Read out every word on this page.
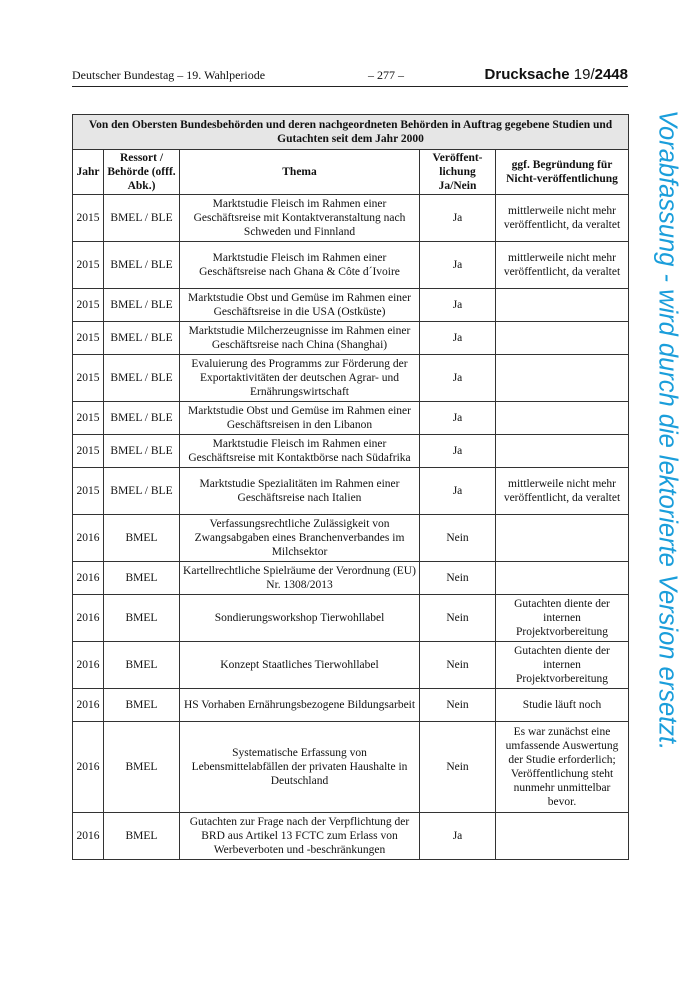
Deutscher Bundestag – 19. Wahlperiode	– 277 –	Drucksache 19/2448
Von den Obersten Bundesbehörden und deren nachgeordneten Behörden in Auftrag gegebene Studien und Gutachten seit dem Jahr 2000				
Jahr	Ressort / Behörde (offf. Abk.)	Thema	Veröffent-lichung Ja/Nein	ggf. Begründung für Nicht-veröffentlichung
2015	BMEL / BLE	Marktstudie Fleisch im Rahmen einer Geschäftsreise mit Kontaktveranstaltung nach Schweden und Finnland	Ja	mittlerweile nicht mehr veröffentlicht, da veraltet
2015	BMEL / BLE	Marktstudie Fleisch im Rahmen einer Geschäftsreise nach Ghana & Côte d´Ivoire	Ja	mittlerweile nicht mehr veröffentlicht, da veraltet
2015	BMEL / BLE	Marktstudie Obst und Gemüse im Rahmen einer Geschäftsreise in die USA (Ostküste)	Ja	
2015	BMEL / BLE	Marktstudie Milcherzeugnisse im Rahmen einer Geschäftsreise nach China (Shanghai)	Ja	
2015	BMEL / BLE	Evaluierung des Programms zur Förderung der Exportaktivitäten der deutschen Agrar- und Ernährungswirtschaft	Ja	
2015	BMEL / BLE	Marktstudie Obst und Gemüse im Rahmen einer Geschäftsreisen in den Libanon	Ja	
2015	BMEL / BLE	Marktstudie Fleisch im Rahmen einer Geschäftsreise mit Kontaktbörse nach Südafrika	Ja	
2015	BMEL / BLE	Marktstudie Spezialitäten im Rahmen einer Geschäftsreise nach Italien	Ja	mittlerweile nicht mehr veröffentlicht, da veraltet
2016	BMEL	Verfassungsrechtliche Zulässigkeit von Zwangsabgaben eines Branchenverbandes im Milchsektor	Nein	
2016	BMEL	Kartellrechtliche Spielräume der Verordnung (EU) Nr. 1308/2013	Nein	
2016	BMEL	Sondierungsworkshop Tierwohllabel	Nein	Gutachten diente der internen Projektvorbereitung
2016	BMEL	Konzept Staatliches Tierwohllabel	Nein	Gutachten diente der internen Projektvorbereitung
2016	BMEL	HS Vorhaben Ernährungsbezogene Bildungsarbeit	Nein	Studie läuft noch
2016	BMEL	Systematische Erfassung von Lebensmittelabfällen der privaten Haushalte in Deutschland	Nein	Es war zunächst eine umfassende Auswertung der Studie erforderlich; Veröffentlichung steht nunmehr unmittelbar bevor.
2016	BMEL	Gutachten zur Frage nach der Verpflichtung der BRD aus Artikel 13 FCTC zum Erlass von Werbeverboten und -beschränkungen	Ja	
Vorabfassung - wird durch die lektorierte Version ersetzt.
